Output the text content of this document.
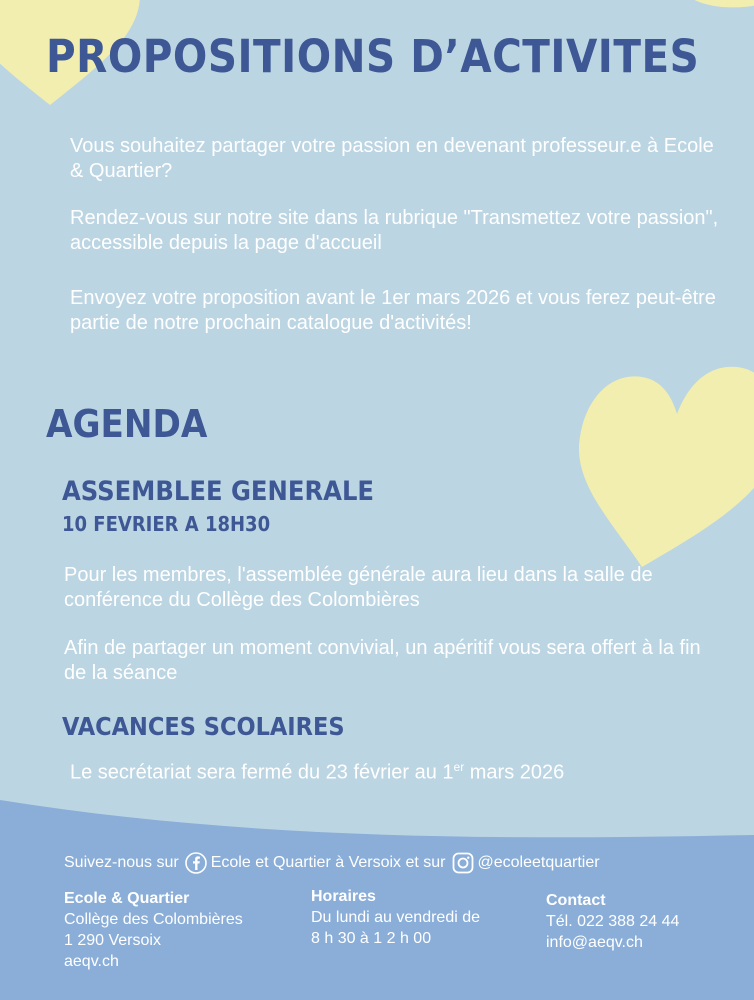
PROPOSITIONS D’ACTIVITES

Vous souhaitez partager votre passion en devenant professeur.e à Ecole & Quartier?

Rendez-vous sur notre site dans la rubrique "Transmettez votre passion", accessible depuis la page d'accueil

Envoyez votre proposition avant le 1er mars 2026 et vous ferez peut-être partie de notre prochain catalogue d'activités!

AGENDA
ASSEMBLEE GENERALE
10 FEVRIER A 18H30

Pour les membres, l'assemblée générale aura lieu dans la salle de conférence du Collège des Colombières

Afin de partager un moment convivial, un apéritif vous sera offert à la fin de la séance

VACANCES SCOLAIRES

Le secrétariat sera fermé du 23 février au 1er mars 2026

Suivez-nous sur Ecole et Quartier à Versoix et sur @ecoleetquartier
Ecole & Quartier
Collège des Colombières
1 290 Versoix
aeqv.ch
Horaires
Du lundi au vendredi de
8 h 30 à 1 2 h 00
Contact
Tél. 022 388 24 44
info@aeqv.ch
